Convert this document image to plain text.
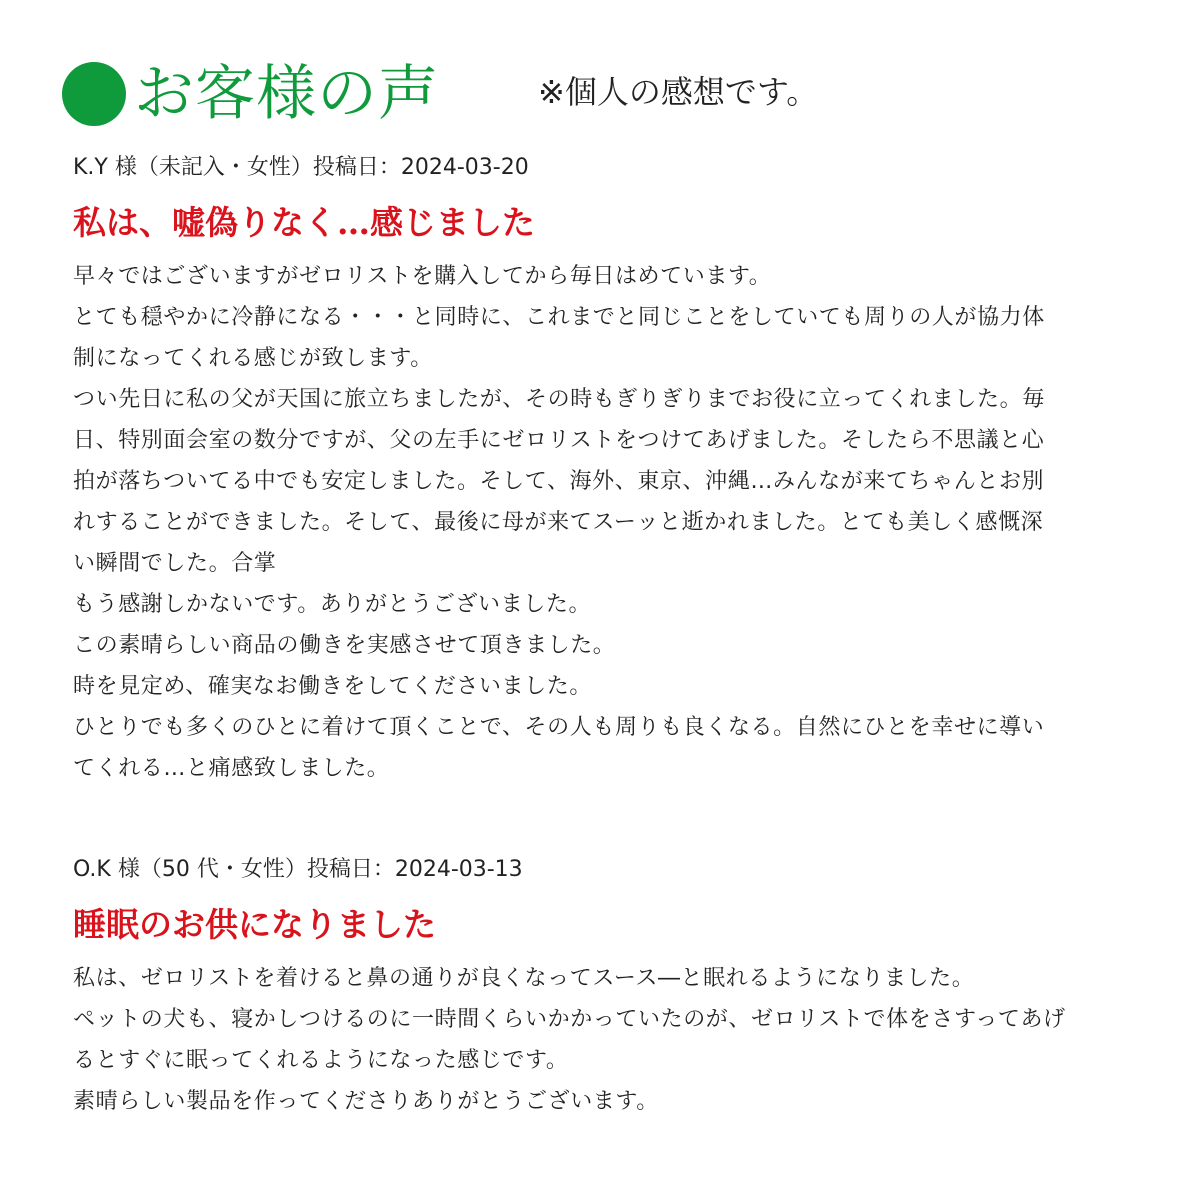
お客様の声	※個人の感想です。
K.Y 様（未記入・女性）投稿日：2024-03-20
私は、嘘偽りなく…感じました
早々ではございますがゼロリストを購入してから毎日はめています。
とても穏やかに冷静になる・・・と同時に、これまでと同じことをしていても周りの人が協力体
制になってくれる感じが致します。
つい先日に私の父が天国に旅立ちましたが、その時もぎりぎりまでお役に立ってくれました。毎
日、特別面会室の数分ですが、父の左手にゼロリストをつけてあげました。そしたら不思議と心
拍が落ちついてる中でも安定しました。そして、海外、東京、沖縄…みんなが来てちゃんとお別
れすることができました。そして、最後に母が来てスーッと逝かれました。とても美しく感慨深
い瞬間でした。合掌
もう感謝しかないです。ありがとうございました。
この素晴らしい商品の働きを実感させて頂きました。
時を見定め、確実なお働きをしてくださいました。
ひとりでも多くのひとに着けて頂くことで、その人も周りも良くなる。自然にひとを幸せに導い
てくれる…と痛感致しました。
O.K 様（50 代・女性）投稿日：2024-03-13
睡眠のお供になりました
私は、ゼロリストを着けると鼻の通りが良くなってスース―と眠れるようになりました。
ペットの犬も、寝かしつけるのに一時間くらいかかっていたのが、ゼロリストで体をさすってあげ
るとすぐに眠ってくれるようになった感じです。
素晴らしい製品を作ってくださりありがとうございます。
